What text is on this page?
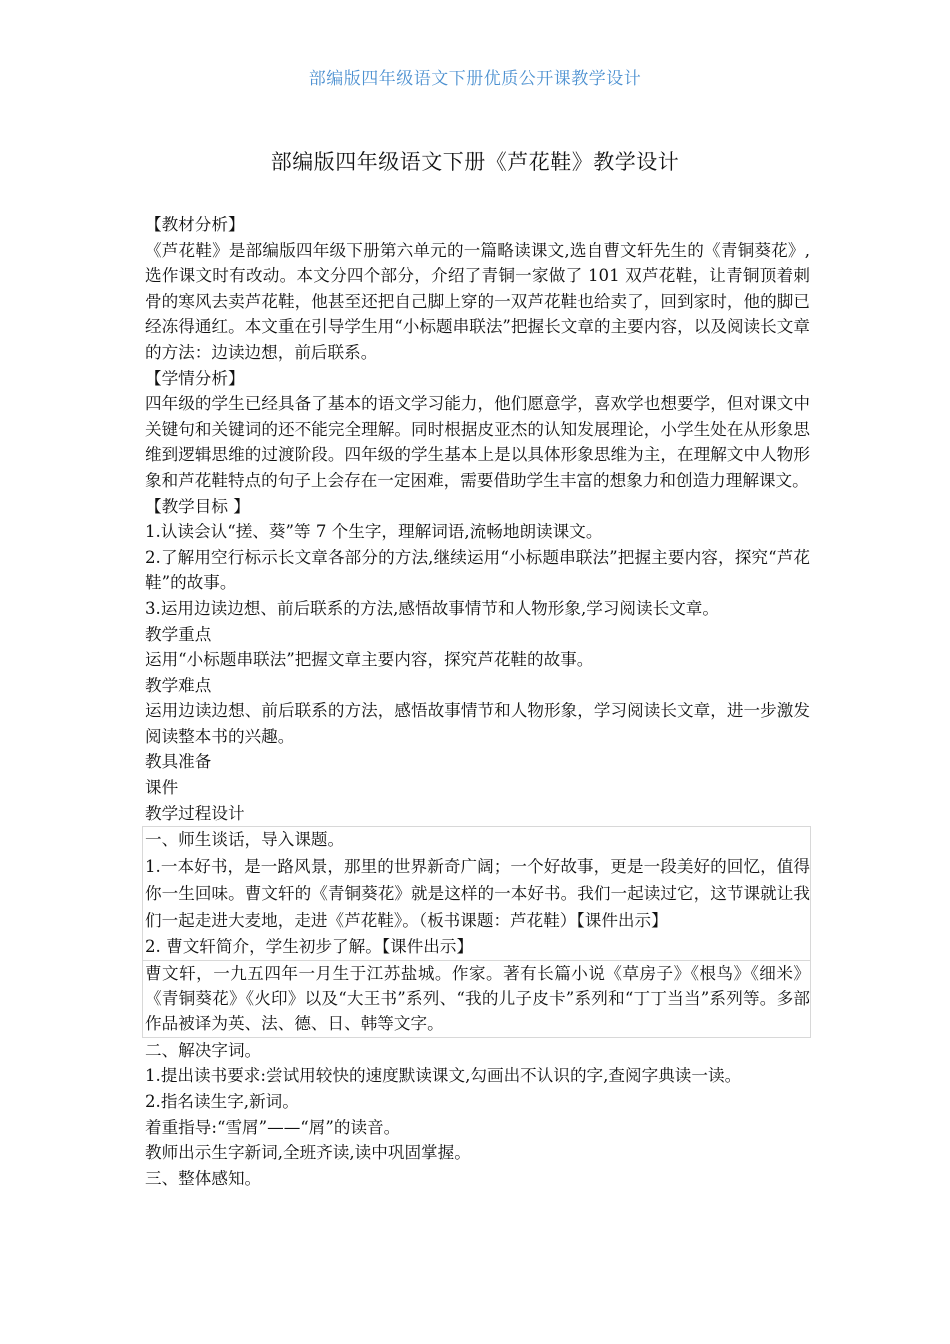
部编版四年级语文下册优质公开课教学设计
部编版四年级语文下册《芦花鞋》教学设计

【教材分析】

《芦花鞋》是部编版四年级下册第六单元的一篇略读课文,选自曹文轩先生的《青铜葵花》,选作课文时有改动。本文分四个部分，介绍了青铜一家做了 101 双芦花鞋，让青铜顶着刺骨的寒风去卖芦花鞋，他甚至还把自己脚上穿的一双芦花鞋也给卖了，回到家时，他的脚已经冻得通红。本文重在引导学生用“小标题串联法”把握长文章的主要内容，以及阅读长文章的方法：边读边想，前后联系。

【学情分析】

四年级的学生已经具备了基本的语文学习能力，他们愿意学，喜欢学也想要学，但对课文中关键句和关键词的还不能完全理解。同时根据皮亚杰的认知发展理论，小学生处在从形象思维到逻辑思维的过渡阶段。四年级的学生基本上是以具体形象思维为主，在理解文中人物形象和芦花鞋特点的句子上会存在一定困难，需要借助学生丰富的想象力和创造力理解课文。

【教学目标 】

1.认读会认“搓、葵”等 7 个生字，理解词语,流畅地朗读课文。

2.了解用空行标示长文章各部分的方法,继续运用“小标题串联法”把握主要内容，探究“芦花鞋”的故事。

3.运用边读边想、前后联系的方法,感悟故事情节和人物形象,学习阅读长文章。

教学重点

运用“小标题串联法”把握文章主要内容，探究芦花鞋的故事。

教学难点

运用边读边想、前后联系的方法，感悟故事情节和人物形象，学习阅读长文章，进一步激发阅读整本书的兴趣。

教具准备

课件

教学过程设计

一、师生谈话，导入课题。

1.一本好书，是一路风景，那里的世界新奇广阔；一个好故事，更是一段美好的回忆，值得你一生回味。曹文轩的《青铜葵花》就是这样的一本好书。我们一起读过它，这节课就让我们一起走进大麦地，走进《芦花鞋》。（板书课题：芦花鞋）【课件出示】

2. 曹文轩简介，学生初步了解。【课件出示】

曹文轩，一九五四年一月生于江苏盐城。作家。著有长篇小说《草房子》《根鸟》《细米》《青铜葵花》《火印》以及“大王书”系列、“我的儿子皮卡”系列和“丁丁当当”系列等。多部作品被译为英、法、德、日、韩等文字。

二、解决字词。

1.提出读书要求:尝试用较快的速度默读课文,勾画出不认识的字,查阅字典读一读。

2.指名读生字,新词。

着重指导:“雪屑”——“屑”的读音。

教师出示生字新词,全班齐读,读中巩固掌握。

三、整体感知。
